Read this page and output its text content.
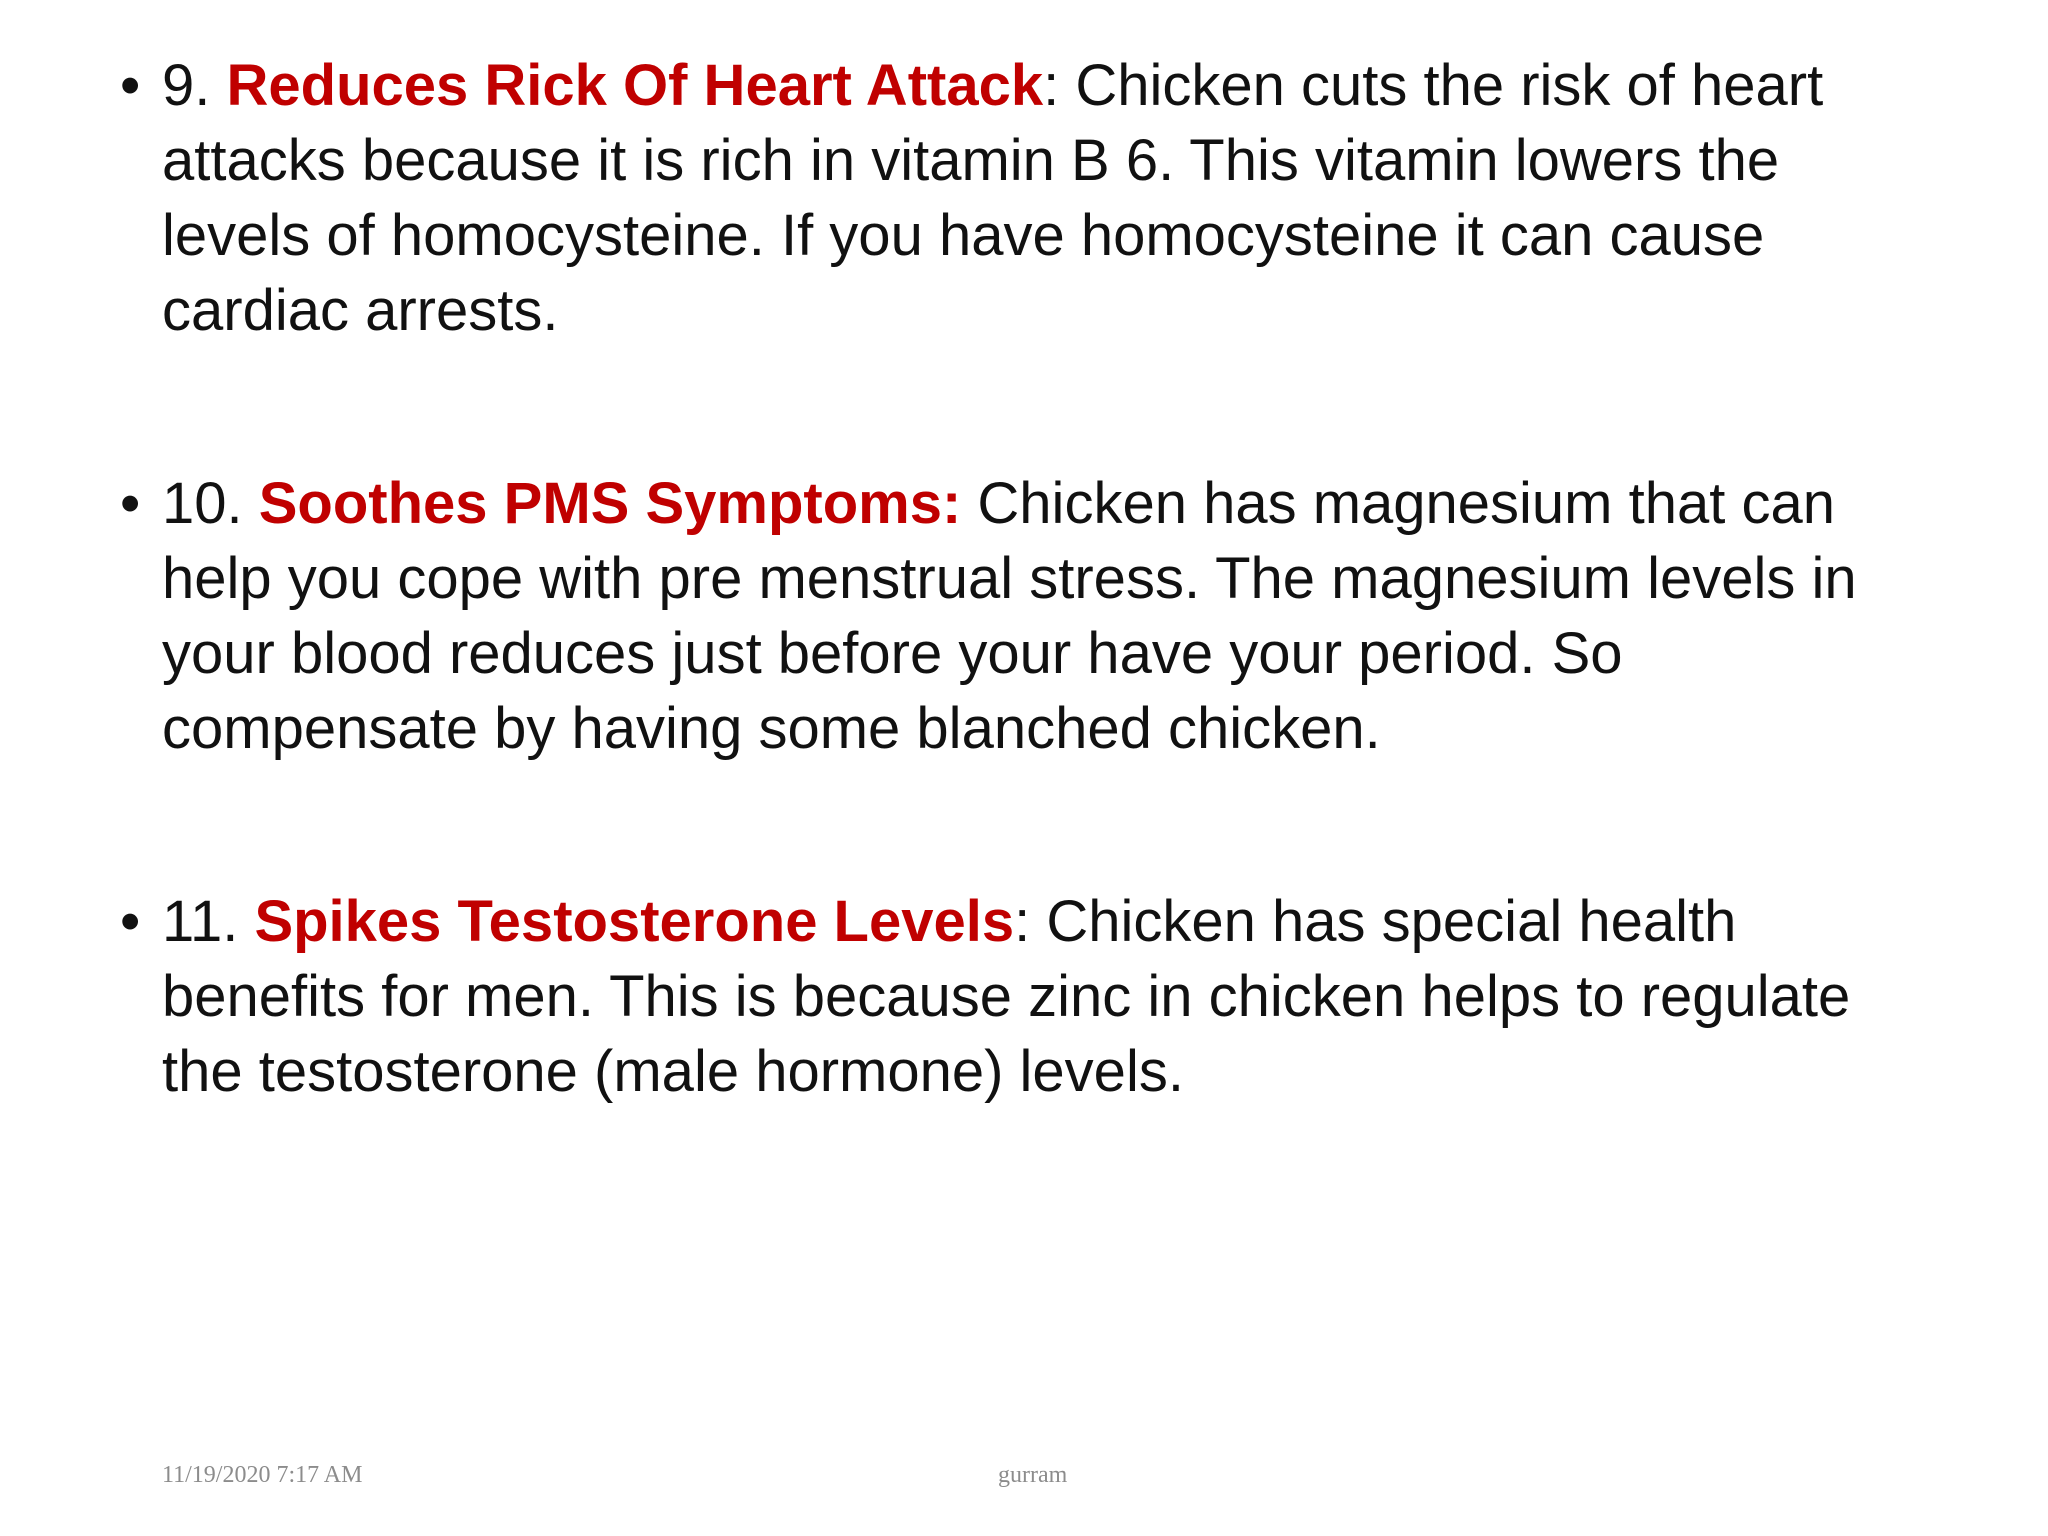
• 9. Reduces Rick Of Heart Attack: Chicken cuts the risk of heart attacks because it is rich in vitamin B 6. This vitamin lowers the levels of homocysteine. If you have homocysteine it can cause cardiac arrests.
• 10. Soothes PMS Symptoms: Chicken has magnesium that can help you cope with pre menstrual stress. The magnesium levels in your blood reduces just before your have your period. So compensate by having some blanched chicken.
• 11. Spikes Testosterone Levels: Chicken has special health benefits for men. This is because zinc in chicken helps to regulate the testosterone (male hormone) levels.
11/19/2020 7:17 AM	gurram
